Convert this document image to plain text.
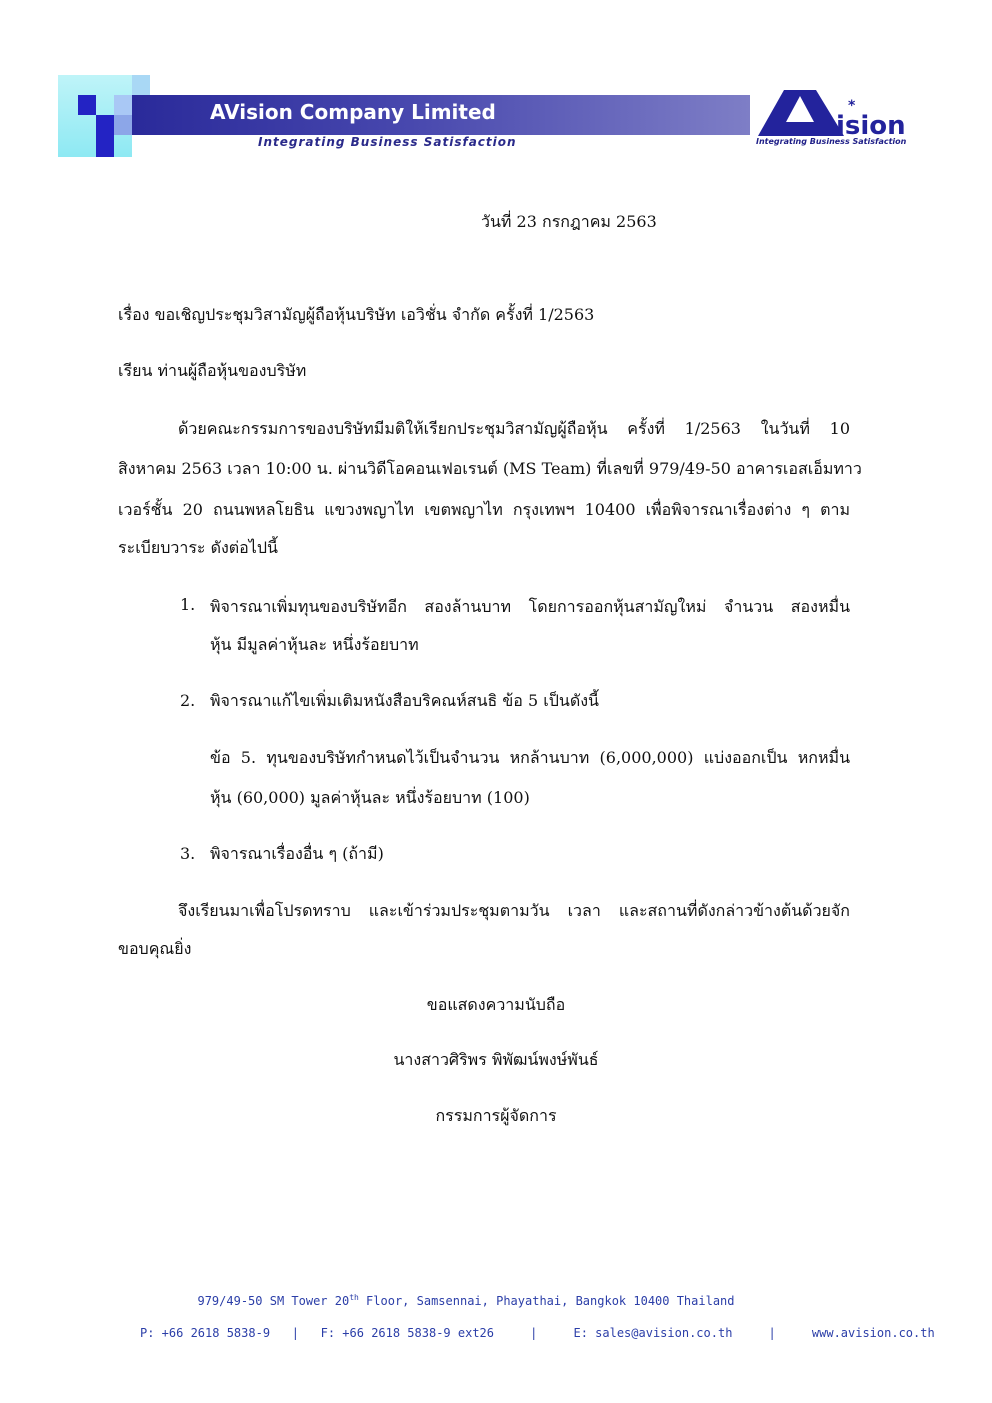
AVision Company Limited
Integrating Business Satisfaction
ision
*
Integrating Business Satisfaction
วันที่ 23 กรกฎาคม 2563
เรื่อง ขอเชิญประชุมวิสามัญผู้ถือหุ้นบริษัท เอวิชั่น จำกัด ครั้งที่ 1/2563
เรียน ท่านผู้ถือหุ้นของบริษัท
ด้วยคณะกรรมการของบริษัทมีมติให้เรียกประชุมวิสามัญผู้ถือหุ้น ครั้งที่ 1/2563 ในวันที่ 10
สิงหาคม 2563 เวลา 10:00 น. ผ่านวิดีโอคอนเฟอเรนต์ (MS Team) ที่เลขที่ 979/49-50 อาคารเอสเอ็มทาว
เวอร์ชั้น 20 ถนนพหลโยธิน แขวงพญาไท เขตพญาไท กรุงเทพฯ 10400 เพื่อพิจารณาเรื่องต่าง ๆ ตาม
ระเบียบวาระ ดังต่อไปนี้
1. พิจารณาเพิ่มทุนของบริษัทอีก สองล้านบาท โดยการออกหุ้นสามัญใหม่ จำนวน สองหมื่น
หุ้น มีมูลค่าหุ้นละ หนึ่งร้อยบาท
2. พิจารณาแก้ไขเพิ่มเติมหนังสือบริคณห์สนธิ ข้อ 5 เป็นดังนี้
ข้อ 5. ทุนของบริษัทกำหนดไว้เป็นจำนวน หกล้านบาท (6,000,000) แบ่งออกเป็น หกหมื่น
หุ้น (60,000) มูลค่าหุ้นละ หนึ่งร้อยบาท (100)
3. พิจารณาเรื่องอื่น ๆ (ถ้ามี)
จึงเรียนมาเพื่อโปรดทราบ และเข้าร่วมประชุมตามวัน เวลา และสถานที่ดังกล่าวข้างต้นด้วยจัก
ขอบคุณยิ่ง
ขอแสดงความนับถือ
นางสาวศิริพร พิพัฒน์พงษ์พันธ์
กรรมการผู้จัดการ
979/49-50 SM Tower 20th Floor, Samsennai, Phayathai, Bangkok 10400 Thailand
P: +66 2618 5838-9   |   F: +66 2618 5838-9 ext26     |     E: sales@avision.co.th     |     www.avision.co.th
